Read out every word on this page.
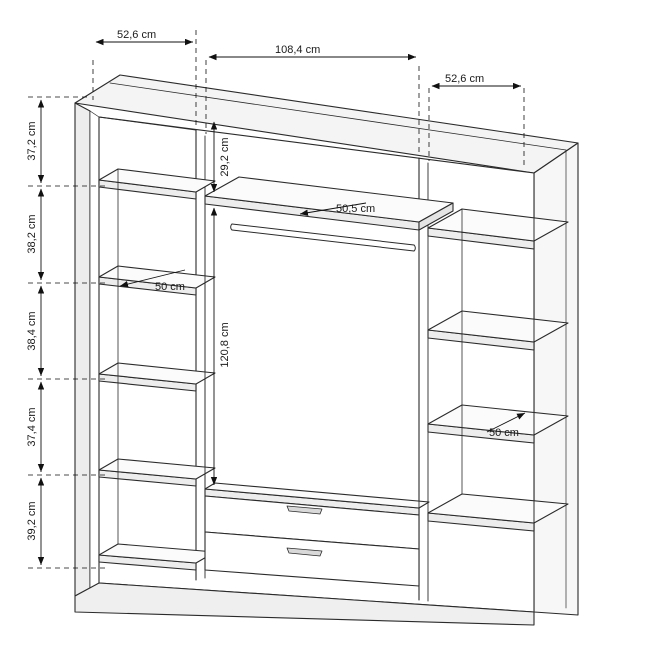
52,6 cm
108,4 cm
52,6 cm
37,2 cm
38,2 cm
38,4 cm
37,4 cm
39,2 cm
29,2 cm
50,5 cm
50 cm
120,8 cm
50 cm
